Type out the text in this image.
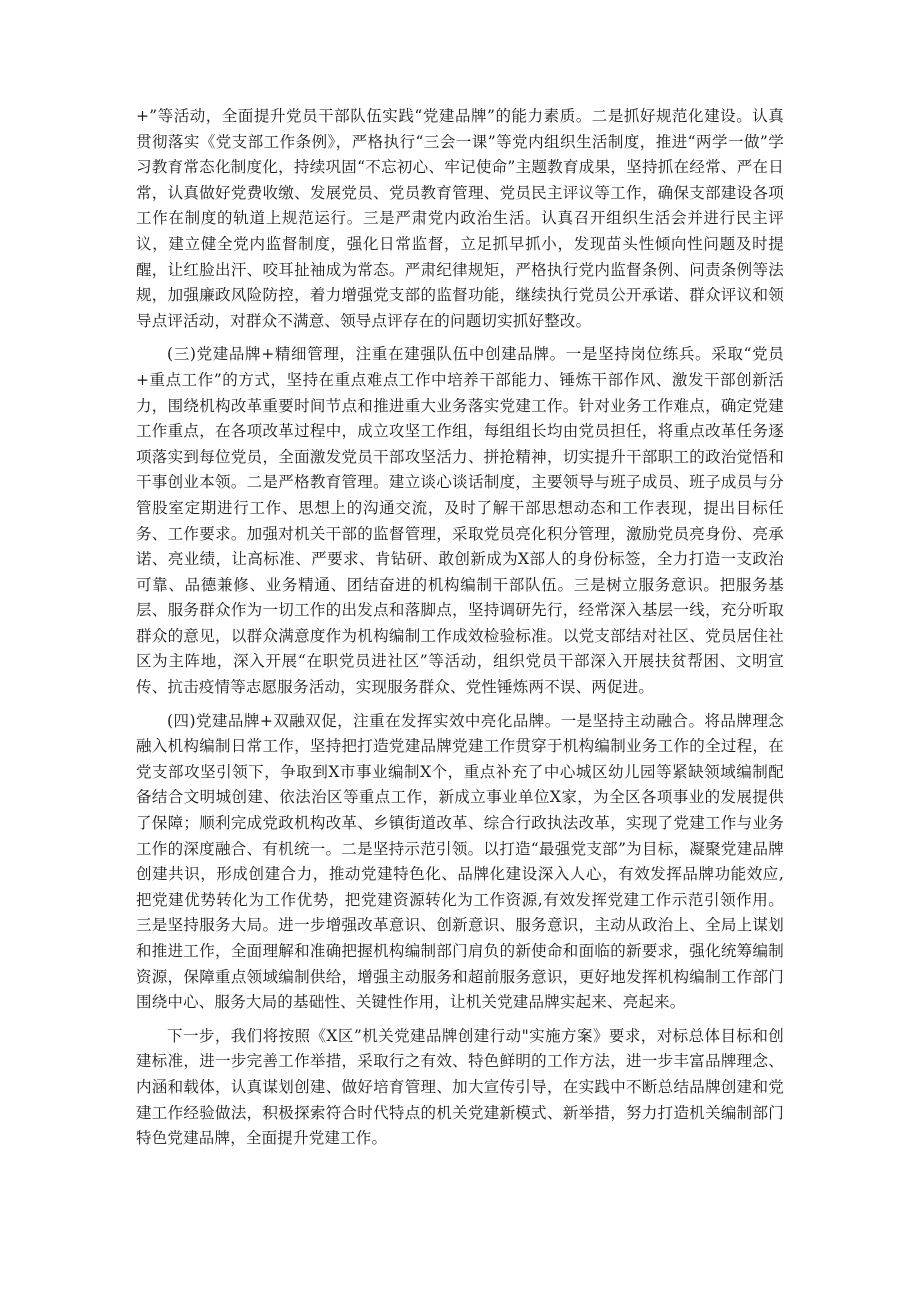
+”等活动，全面提升党员干部队伍实践“党建品牌”的能力素质。二是抓好规范化建设。认真贯彻落实《党支部工作条例》，严格执行“三会一课”等党内组织生活制度，推进“两学一做”学习教育常态化制度化，持续巩固“不忘初心、牢记使命”主题教育成果，坚持抓在经常、严在日常，认真做好党费收缴、发展党员、党员教育管理、党员民主评议等工作，确保支部建设各项工作在制度的轨道上规范运行。三是严肃党内政治生活。认真召开组织生活会并进行民主评议，建立健全党内监督制度，强化日常监督，立足抓早抓小，发现苗头性倾向性问题及时提醒，让红脸出汗、咬耳扯袖成为常态。严肃纪律规矩，严格执行党内监督条例、问责条例等法规，加强廉政风险防控，着力增强党支部的监督功能，继续执行党员公开承诺、群众评议和领导点评活动，对群众不满意、领导点评存在的问题切实抓好整改。

(三)党建品牌+精细管理，注重在建强队伍中创建品牌。一是坚持岗位练兵。采取“党员+重点工作”的方式，坚持在重点难点工作中培养干部能力、锤炼干部作风、激发干部创新活力，围绕机构改革重要时间节点和推进重大业务落实党建工作。针对业务工作难点，确定党建工作重点，在各项改革过程中，成立攻坚工作组，每组组长均由党员担任，将重点改革任务逐项落实到每位党员，全面激发党员干部攻坚活力、拼抢精神，切实提升干部职工的政治觉悟和干事创业本领。二是严格教育管理。建立谈心谈话制度，主要领导与班子成员、班子成员与分管股室定期进行工作、思想上的沟通交流，及时了解干部思想动态和工作表现，提出目标任务、工作要求。加强对机关干部的监督管理，采取党员亮化积分管理，激励党员亮身份、亮承诺、亮业绩，让高标准、严要求、肯钻研、敢创新成为X部人的身份标签，全力打造一支政治可靠、品德兼修、业务精通、团结奋进的机构编制干部队伍。三是树立服务意识。把服务基层、服务群众作为一切工作的出发点和落脚点，坚持调研先行，经常深入基层一线，充分听取群众的意见，以群众满意度作为机构编制工作成效检验标准。以党支部结对社区、党员居住社区为主阵地，深入开展“在职党员进社区”等活动，组织党员干部深入开展扶贫帮困、文明宣传、抗击疫情等志愿服务活动，实现服务群众、党性锤炼两不误、两促进。

(四)党建品牌+双融双促，注重在发挥实效中亮化品牌。一是坚持主动融合。将品牌理念融入机构编制日常工作，坚持把打造党建品牌党建工作贯穿于机构编制业务工作的全过程，在党支部攻坚引领下，争取到X市事业编制X个，重点补充了中心城区幼儿园等紧缺领域编制配备结合文明城创建、依法治区等重点工作，新成立事业单位X家，为全区各项事业的发展提供了保障；顺利完成党政机构改革、乡镇街道改革、综合行政执法改革，实现了党建工作与业务工作的深度融合、有机统一。二是坚持示范引领。以打造“最强党支部”为目标，凝聚党建品牌创建共识，形成创建合力，推动党建特色化、品牌化建设深入人心，有效发挥品牌功能效应,把党建优势转化为工作优势，把党建资源转化为工作资源,有效发挥党建工作示范引领作用。三是坚持服务大局。进一步增强改革意识、创新意识、服务意识，主动从政治上、全局上谋划和推进工作，全面理解和准确把握机构编制部门肩负的新使命和面临的新要求，强化统筹编制资源，保障重点领域编制供给，增强主动服务和超前服务意识，更好地发挥机构编制工作部门围绕中心、服务大局的基础性、关键性作用，让机关党建品牌实起来、亮起来。

下一步，我们将按照《X区”机关党建品牌创建行动"实施方案》要求，对标总体目标和创建标准，进一步完善工作举措，采取行之有效、特色鲜明的工作方法，进一步丰富品牌理念、内涵和载体，认真谋划创建、做好培育管理、加大宣传引导，在实践中不断总结品牌创建和党建工作经验做法，积极探索符合时代特点的机关党建新模式、新举措，努力打造机关编制部门特色党建品牌，全面提升党建工作。
